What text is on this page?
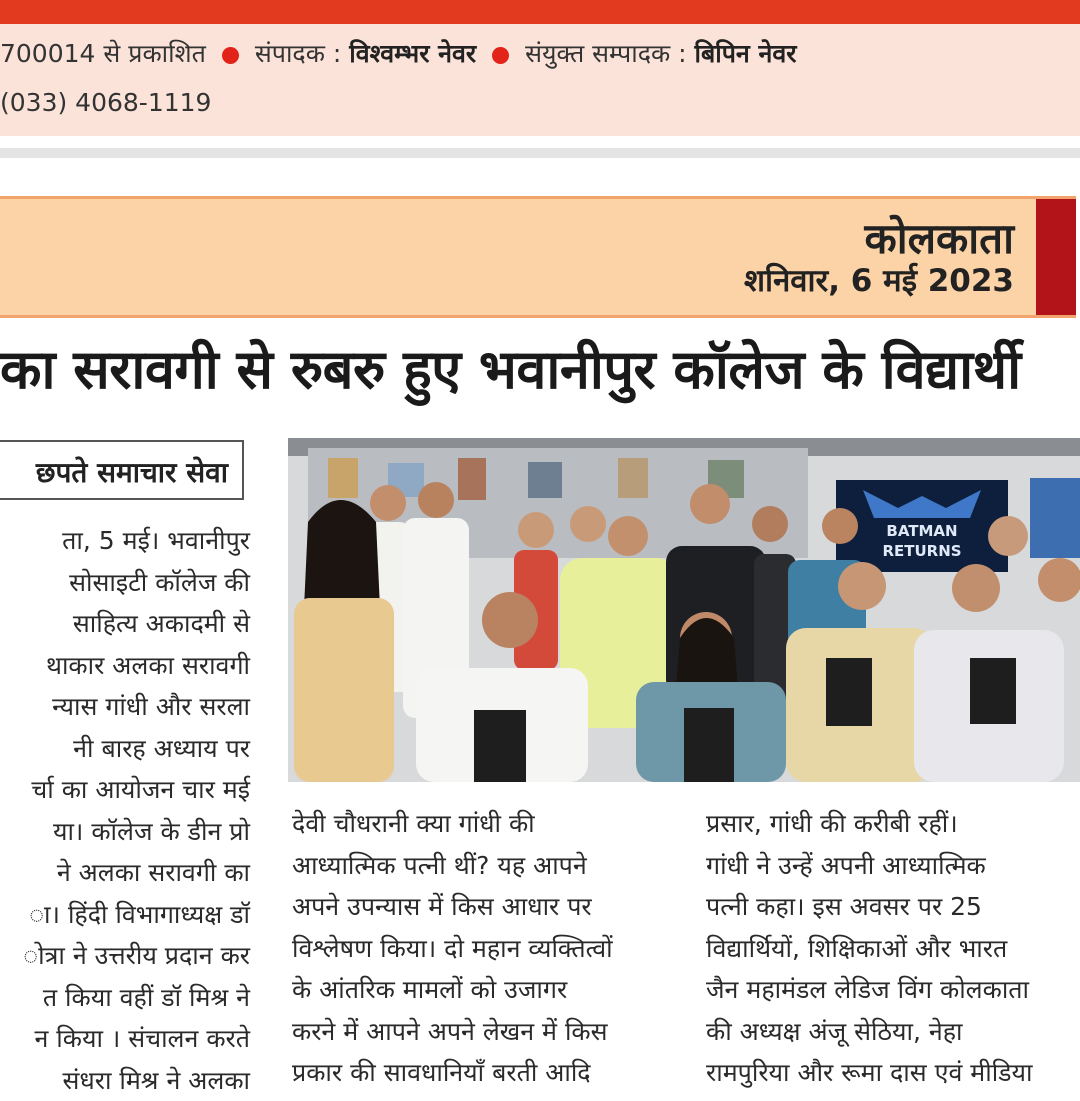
700014 से प्रकाशित संपादक : विश्वम्भर नेवर संयुक्त सम्पादक : बिपिन नेवर
(033) 4068-1119
कोलकाता
शनिवार, 6 मई 2023
का सरावगी से रुबरु हुए भवानीपुर कॉलेज के विद्यार्थी
छपते समाचार सेवा
ता, 5 मई। भवानीपुर
सोसाइटी कॉलेज की
साहित्य अकादमी से
थाकार अलका सरावगी
न्यास गांधी और सरला
नी बारह अध्याय पर
र्चा का आयोजन चार मई
या। कॉलेज के डीन प्रो
ने अलका सरावगी का
ा। हिंदी विभागाध्यक्ष डॉ
ोत्रा ने उत्तरीय प्रदान कर
त किया वहीं डॉ मिश्र ने
न किया । संचालन करते
संधरा मिश्र ने अलका
BATMAN
RETURNS
देवी चौधरानी क्या गांधी की
आध्यात्मिक पत्नी थीं? यह आपने
अपने उपन्यास में किस आधार पर
विश्लेषण किया। दो महान व्यक्तित्वों
के आंतरिक मामलों को उजागर
करने में आपने अपने लेखन में किस
प्रकार की सावधानियाँ बरती आदि
प्रसार, गांधी की करीबी रहीं।
गांधी ने उन्हें अपनी आध्यात्मिक
पत्नी कहा। इस अवसर पर 25
विद्यार्थियों, शिक्षिकाओं और भारत
जैन महामंडल लेडिज विंग कोलकाता
की अध्यक्ष अंजू सेठिया, नेहा
रामपुरिया और रूमा दास एवं मीडिया
